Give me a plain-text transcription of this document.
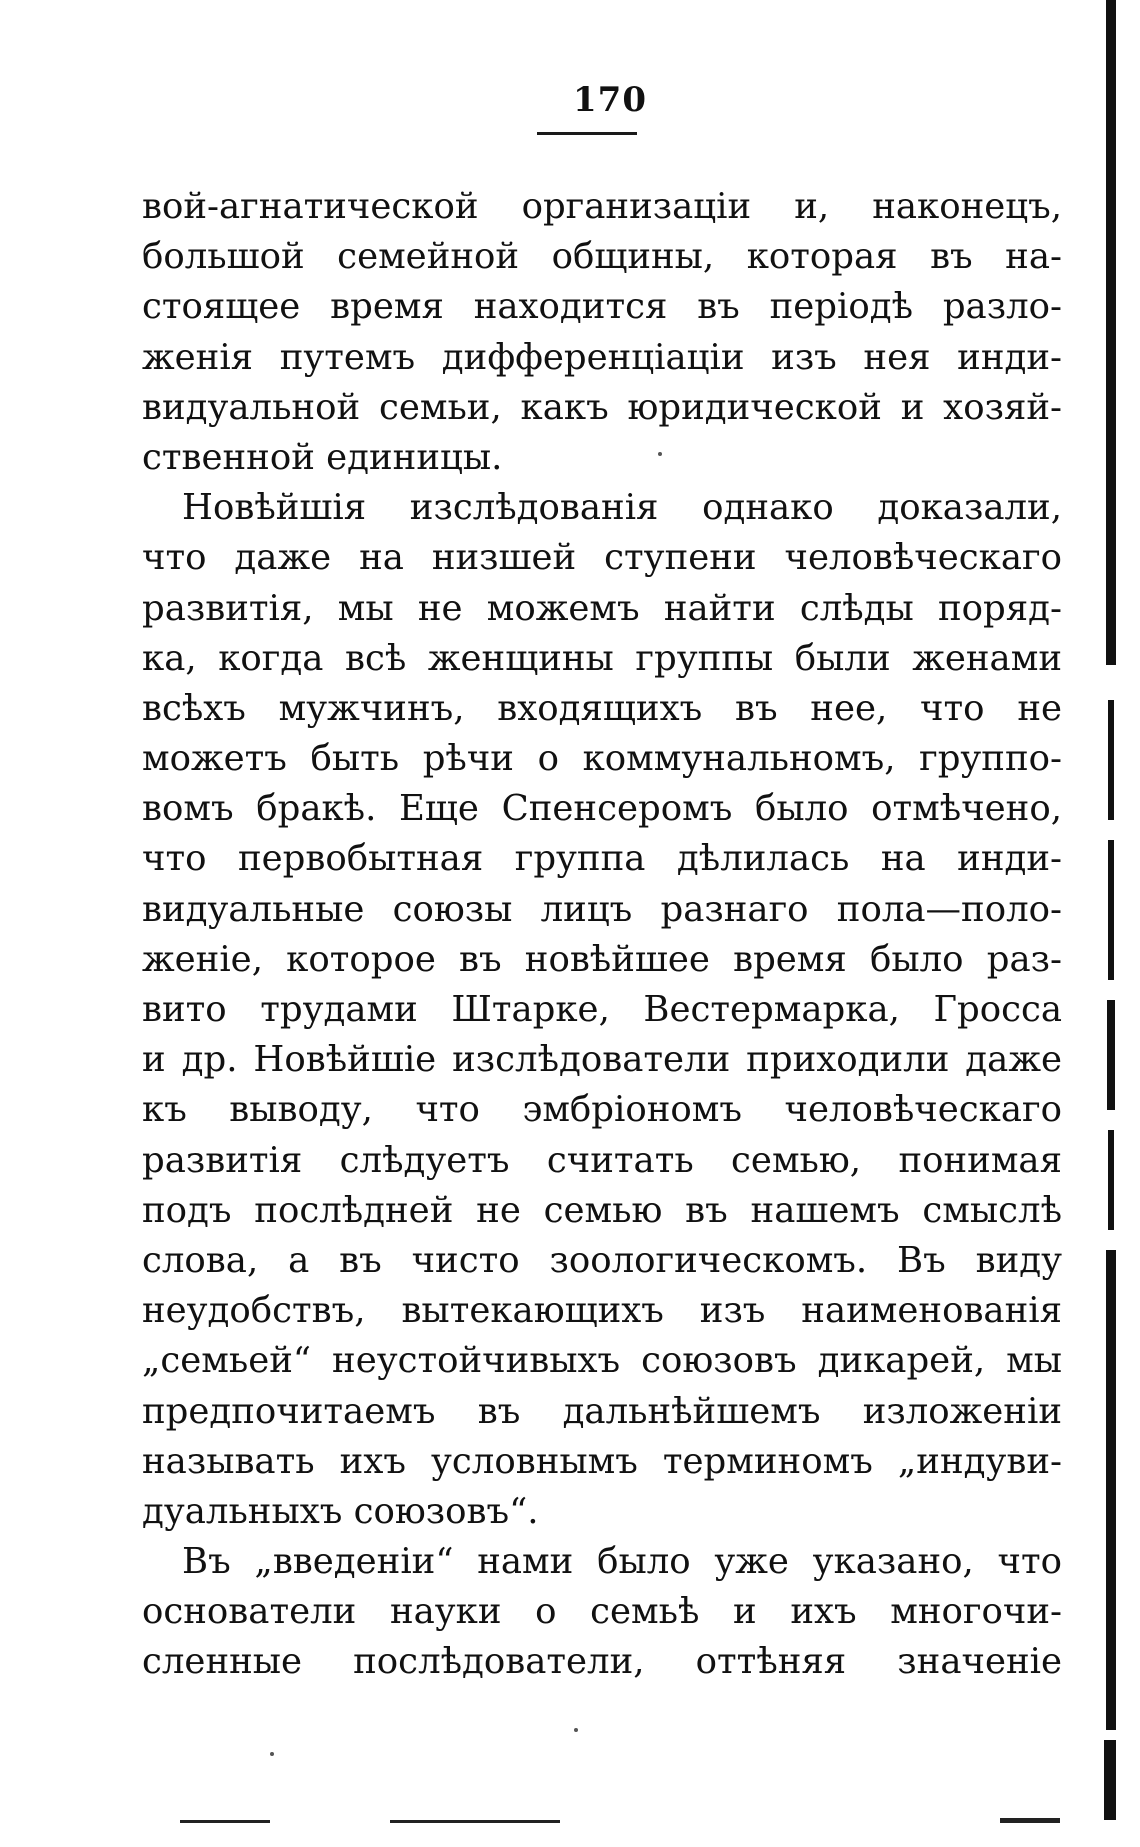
170
вой-агнатической организаціи и, наконецъ,
большой семейной общины, которая въ на-
стоящее время находится въ періодѣ разло-
женія путемъ дифференціаціи изъ нея инди-
видуальной семьи, какъ юридической и хозяй-
ственной единицы.
Новѣйшія изслѣдованія однако доказали,
что даже на низшей ступени человѣческаго
развитія, мы не можемъ найти слѣды поряд-
ка, когда всѣ женщины группы были женами
всѣхъ мужчинъ, входящихъ въ нее, что не
можетъ быть рѣчи о коммунальномъ, группо-
вомъ бракѣ. Еще Спенсеромъ было отмѣчено,
что первобытная группа дѣлилась на инди-
видуальные союзы лицъ разнаго пола—поло-
женіе, которое въ новѣйшее время было раз-
вито трудами Штарке, Вестермарка, Гросса
и др. Новѣйшіе изслѣдователи приходили даже
къ выводу, что эмбріономъ человѣческаго
развитія слѣдуетъ считать семью, понимая
подъ послѣдней не семью въ нашемъ смыслѣ
слова, а въ чисто зоологическомъ. Въ виду
неудобствъ, вытекающихъ изъ наименованія
„семьей“ неустойчивыхъ союзовъ дикарей, мы
предпочитаемъ въ дальнѣйшемъ изложеніи
называть ихъ условнымъ терминомъ „индуви-
дуальныхъ союзовъ“.
Въ „введеніи“ нами было уже указано, что
основатели науки о семьѣ и ихъ многочи-
сленные послѣдователи, оттѣняя значеніе
